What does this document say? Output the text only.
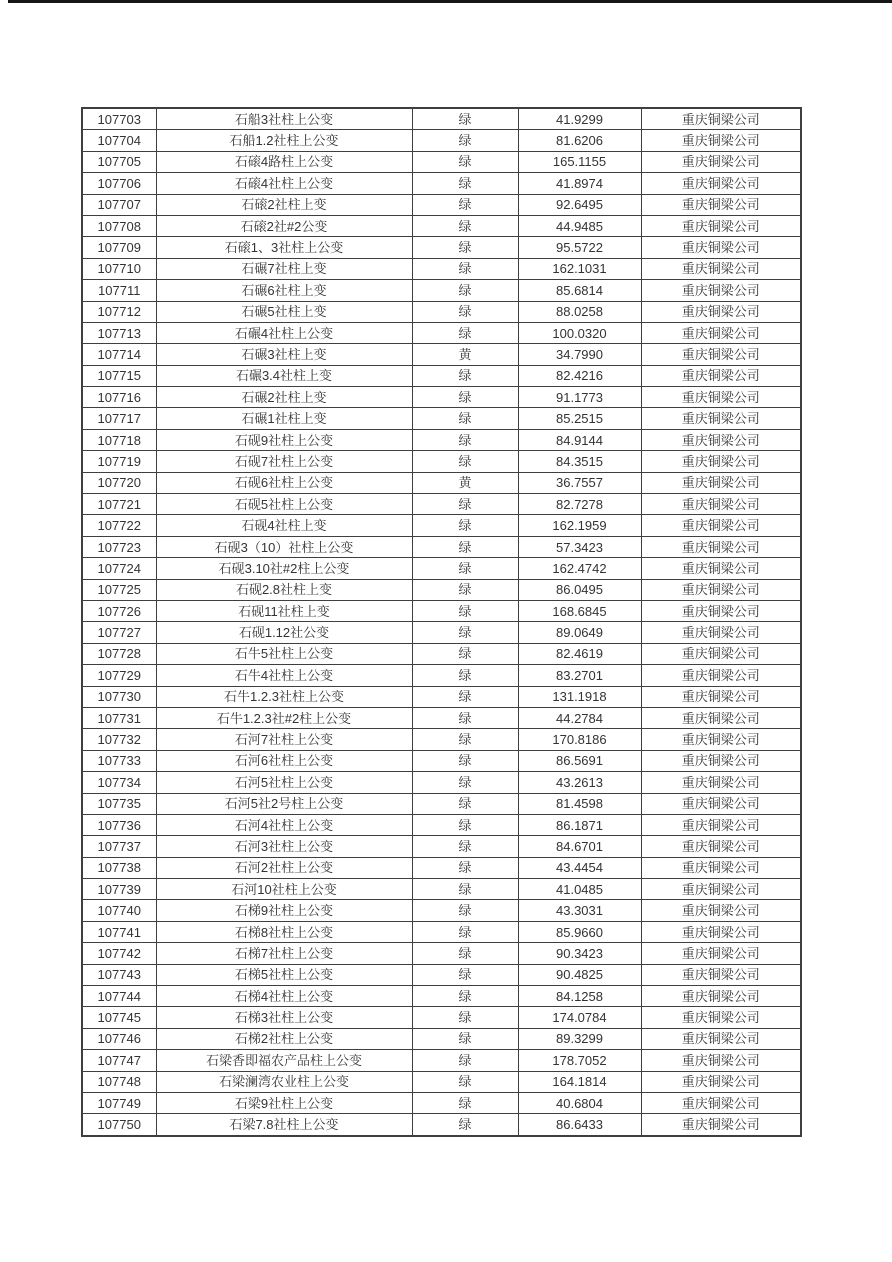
107703	石船3社柱上公变	绿	41.9299	重庆铜梁公司
107704	石船1.2社柱上公变	绿	81.6206	重庆铜梁公司
107705	石磙4路柱上公变	绿	165.1155	重庆铜梁公司
107706	石磙4社柱上公变	绿	41.8974	重庆铜梁公司
107707	石磙2社柱上变	绿	92.6495	重庆铜梁公司
107708	石磙2社#2公变	绿	44.9485	重庆铜梁公司
107709	石磙1、3社柱上公变	绿	95.5722	重庆铜梁公司
107710	石碾7社柱上变	绿	162.1031	重庆铜梁公司
107711	石碾6社柱上变	绿	85.6814	重庆铜梁公司
107712	石碾5社柱上变	绿	88.0258	重庆铜梁公司
107713	石碾4社柱上公变	绿	100.0320	重庆铜梁公司
107714	石碾3社柱上变	黄	34.7990	重庆铜梁公司
107715	石碾3.4社柱上变	绿	82.4216	重庆铜梁公司
107716	石碾2社柱上变	绿	91.1773	重庆铜梁公司
107717	石碾1社柱上变	绿	85.2515	重庆铜梁公司
107718	石砚9社柱上公变	绿	84.9144	重庆铜梁公司
107719	石砚7社柱上公变	绿	84.3515	重庆铜梁公司
107720	石砚6社柱上公变	黄	36.7557	重庆铜梁公司
107721	石砚5社柱上公变	绿	82.7278	重庆铜梁公司
107722	石砚4社柱上变	绿	162.1959	重庆铜梁公司
107723	石砚3（10）社柱上公变	绿	57.3423	重庆铜梁公司
107724	石砚3.10社#2柱上公变	绿	162.4742	重庆铜梁公司
107725	石砚2.8社柱上变	绿	86.0495	重庆铜梁公司
107726	石砚11社柱上变	绿	168.6845	重庆铜梁公司
107727	石砚1.12社公变	绿	89.0649	重庆铜梁公司
107728	石牛5社柱上公变	绿	82.4619	重庆铜梁公司
107729	石牛4社柱上公变	绿	83.2701	重庆铜梁公司
107730	石牛1.2.3社柱上公变	绿	131.1918	重庆铜梁公司
107731	石牛1.2.3社#2柱上公变	绿	44.2784	重庆铜梁公司
107732	石河7社柱上公变	绿	170.8186	重庆铜梁公司
107733	石河6社柱上公变	绿	86.5691	重庆铜梁公司
107734	石河5社柱上公变	绿	43.2613	重庆铜梁公司
107735	石河5社2号柱上公变	绿	81.4598	重庆铜梁公司
107736	石河4社柱上公变	绿	86.1871	重庆铜梁公司
107737	石河3社柱上公变	绿	84.6701	重庆铜梁公司
107738	石河2社柱上公变	绿	43.4454	重庆铜梁公司
107739	石河10社柱上公变	绿	41.0485	重庆铜梁公司
107740	石梯9社柱上公变	绿	43.3031	重庆铜梁公司
107741	石梯8社柱上公变	绿	85.9660	重庆铜梁公司
107742	石梯7社柱上公变	绿	90.3423	重庆铜梁公司
107743	石梯5社柱上公变	绿	90.4825	重庆铜梁公司
107744	石梯4社柱上公变	绿	84.1258	重庆铜梁公司
107745	石梯3社柱上公变	绿	174.0784	重庆铜梁公司
107746	石梯2社柱上公变	绿	89.3299	重庆铜梁公司
107747	石梁香即福农产品柱上公变	绿	178.7052	重庆铜梁公司
107748	石梁澜湾农业柱上公变	绿	164.1814	重庆铜梁公司
107749	石梁9社柱上公变	绿	40.6804	重庆铜梁公司
107750	石梁7.8社柱上公变	绿	86.6433	重庆铜梁公司
